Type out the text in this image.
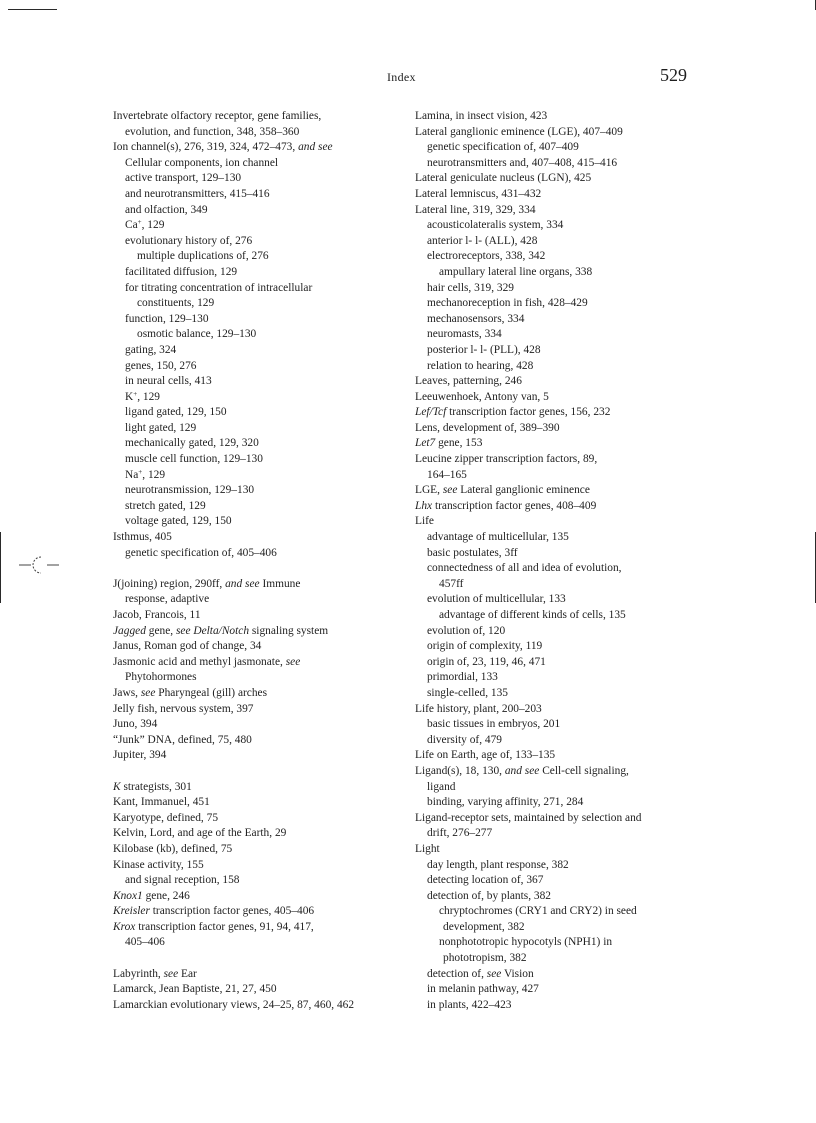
Index	529
Invertebrate olfactory receptor, gene families,
evolution, and function, 348, 358–360
Ion channel(s), 276, 319, 324, 472–473, and see
Cellular components, ion channel
active transport, 129–130
and neurotransmitters, 415–416
and olfaction, 349
Ca+, 129
evolutionary history of, 276
multiple duplications of, 276
facilitated diffusion, 129
for titrating concentration of intracellular
constituents, 129
function, 129–130
osmotic balance, 129–130
gating, 324
genes, 150, 276
in neural cells, 413
K+, 129
ligand gated, 129, 150
light gated, 129
mechanically gated, 129, 320
muscle cell function, 129–130
Na+, 129
neurotransmission, 129–130
stretch gated, 129
voltage gated, 129, 150
Isthmus, 405
genetic specification of, 405–406
J(joining) region, 290ff, and see Immune
response, adaptive
Jacob, Francois, 11
Jagged gene, see Delta/Notch signaling system
Janus, Roman god of change, 34
Jasmonic acid and methyl jasmonate, see
Phytohormones
Jaws, see Pharyngeal (gill) arches
Jelly fish, nervous system, 397
Juno, 394
“Junk” DNA, defined, 75, 480
Jupiter, 394
K strategists, 301
Kant, Immanuel, 451
Karyotype, defined, 75
Kelvin, Lord, and age of the Earth, 29
Kilobase (kb), defined, 75
Kinase activity, 155
and signal reception, 158
Knox1 gene, 246
Kreisler transcription factor genes, 405–406
Krox transcription factor genes, 91, 94, 417,
405–406
Labyrinth, see Ear
Lamarck, Jean Baptiste, 21, 27, 450
Lamarckian evolutionary views, 24–25, 87, 460, 462
Lamina, in insect vision, 423
Lateral ganglionic eminence (LGE), 407–409
genetic specification of, 407–409
neurotransmitters and, 407–408, 415–416
Lateral geniculate nucleus (LGN), 425
Lateral lemniscus, 431–432
Lateral line, 319, 329, 334
acousticolateralis system, 334
anterior l- l- (ALL), 428
electroreceptors, 338, 342
ampullary lateral line organs, 338
hair cells, 319, 329
mechanoreception in fish, 428–429
mechanosensors, 334
neuromasts, 334
posterior l- l- (PLL), 428
relation to hearing, 428
Leaves, patterning, 246
Leeuwenhoek, Antony van, 5
Lef/Tcf transcription factor genes, 156, 232
Lens, development of, 389–390
Let7 gene, 153
Leucine zipper transcription factors, 89,
164–165
LGE, see Lateral ganglionic eminence
Lhx transcription factor genes, 408–409
Life
advantage of multicellular, 135
basic postulates, 3ff
connectedness of all and idea of evolution,
457ff
evolution of multicellular, 133
advantage of different kinds of cells, 135
evolution of, 120
origin of complexity, 119
origin of, 23, 119, 46, 471
primordial, 133
single-celled, 135
Life history, plant, 200–203
basic tissues in embryos, 201
diversity of, 479
Life on Earth, age of, 133–135
Ligand(s), 18, 130, and see Cell-cell signaling,
ligand
binding, varying affinity, 271, 284
Ligand-receptor sets, maintained by selection and
drift, 276–277
Light
day length, plant response, 382
detecting location of, 367
detection of, by plants, 382
chryptochromes (CRY1 and CRY2) in seed
development, 382
nonphototropic hypocotyls (NPH1) in
phototropism, 382
detection of, see Vision
in melanin pathway, 427
in plants, 422–423
